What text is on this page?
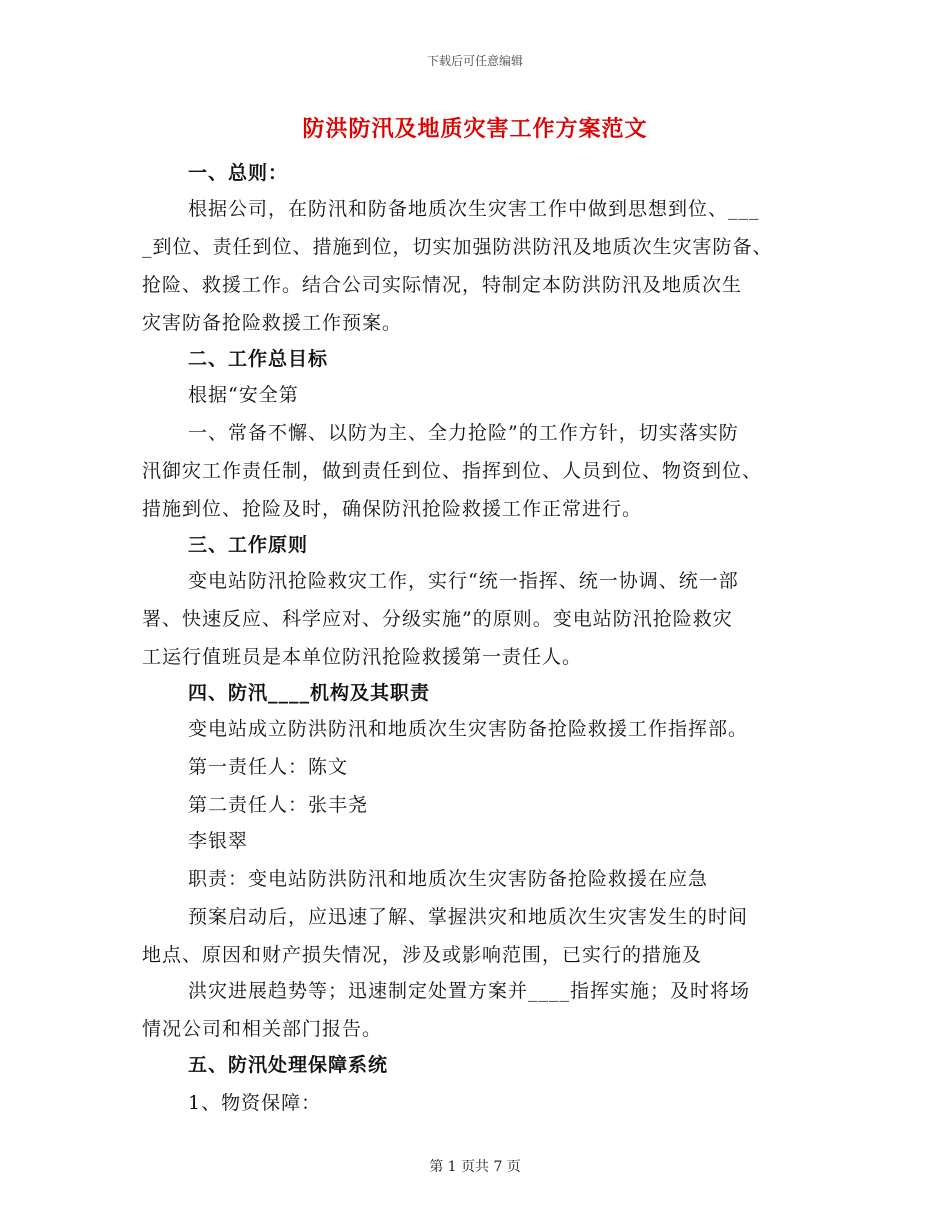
下载后可任意编辑
防洪防汛及地质灾害工作方案范文
一、总则：
根据公司，在防汛和防备地质次生灾害工作中做到思想到位、___
_到位、责任到位、措施到位，切实加强防洪防汛及地质次生灾害防备、
抢险、救援工作。结合公司实际情况，特制定本防洪防汛及地质次生
灾害防备抢险救援工作预案。
二、工作总目标
根据“安全第
一、常备不懈、以防为主、全力抢险”的工作方针，切实落实防
汛御灾工作责任制，做到责任到位、指挥到位、人员到位、物资到位、
措施到位、抢险及时，确保防汛抢险救援工作正常进行。
三、工作原则
变电站防汛抢险救灾工作，实行“统一指挥、统一协调、统一部
署、快速反应、科学应对、分级实施”的原则。变电站防汛抢险救灾
工运行值班员是本单位防汛抢险救援第一责任人。
四、防汛____机构及其职责
变电站成立防洪防汛和地质次生灾害防备抢险救援工作指挥部。
第一责任人：陈文
第二责任人：张丰尧
李银翠
职责：变电站防洪防汛和地质次生灾害防备抢险救援在应急
预案启动后，应迅速了解、掌握洪灾和地质次生灾害发生的时间
地点、原因和财产损失情况，涉及或影响范围，已实行的措施及
洪灾进展趋势等；迅速制定处置方案并____指挥实施；及时将场
情况公司和相关部门报告。
五、防汛处理保障系统
1、物资保障：
第 1 页共 7 页
